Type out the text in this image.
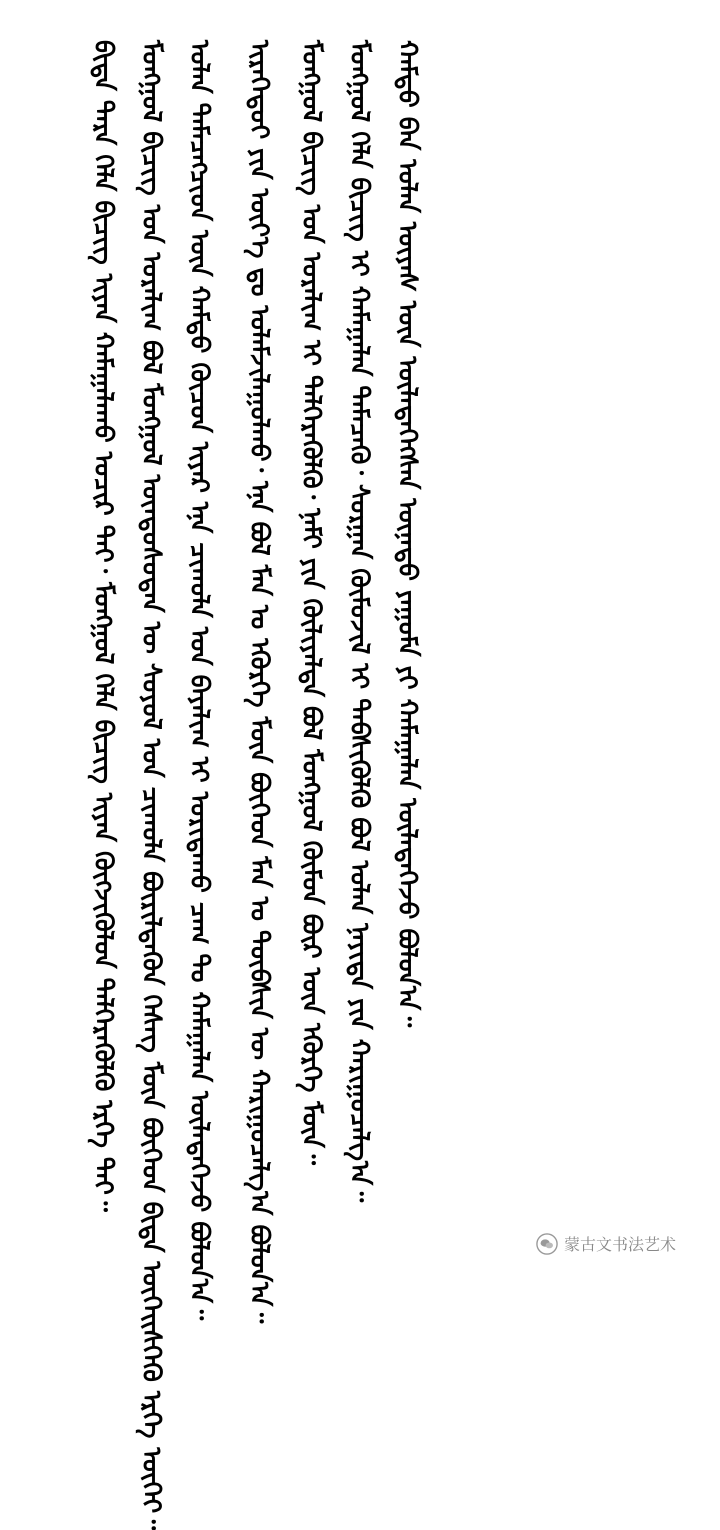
ᠪᠢᠳᠡ ᠲᠡᠷᠡ ᠬᠡᠯᠡ ᠪᠢᠴᠢᠭ ᠢᠶᠡᠨ ᠬᠠᠮᠠᠭᠠᠯᠠᠬᠤ ᠤᠴᠢᠷ ᠲᠠᠢ᠂ ᠮᠣᠩᠭᠣᠯ ᠬᠡᠯᠡ ᠪᠢᠴᠢᠭ ᠢᠶᠡᠨ ᠬᠦᠭᠵᠢᠭᠦᠯᠦᠨ ᠳᠡᠯᠭᠡᠷᠡᠭᠦᠯᠬᠦ ᠡᠷᠬᠡ ᠲᠠᠢ᠃ ᠮᠣᠩᠭᠣᠯ ᠪᠢᠴᠢᠭ ᠤᠨ ᠤᠷᠠᠯᠢᠭ ᠪᠣᠯ ᠮᠣᠩᠭᠣᠯ ᠦᠨᠳᠦᠰᠦᠲᠡᠨ ᠦ ᠰᠣᠶᠣᠯ ᠤᠨ ᠴᠢᠬᠤᠯᠠ ᠪᠦᠷᠢᠯᠳᠡᠬᠦᠨ ᠬᠡᠰᠡᠭ ᠮᠥᠨ ᠪᠥᠭᠡᠳ ᠪᠢᠳᠡ ᠦᠭᠡᠢᠰᠬᠡᠬᠦ ᠡᠷᠬᠡ ᠦᠭᠡᠢ᠃ ᠣᠯᠠᠨ ᠲᠡᠮᠡᠴᠡᠭᠴᠢᠳ ᠦᠨ ᠬᠠᠮᠲᠤ ᠬᠦᠴᠦᠨ ᠢᠶᠡᠷ ᠡᠨᠡ ᠴᠢᠬᠤᠯᠠ ᠡᠳ ᠪᠠᠶᠠᠯᠢᠭ ᠢ ᠤᠷᠢᠳᠠᠬᠤ ᠴᠠᠭ ᠲᠤ ᠬᠠᠮᠠᠭᠠᠯᠠᠨ ᠦᠯᠡᠳᠡᠭᠡᠵᠦ ᠪᠣᠯᠣᠨ᠎ᠠ᠃ ᠢᠷᠡᠭᠡᠳᠦᠢ ᠶᠢᠨ ᠦᠶ᠎ᠡ ᠳᠤ ᠤᠯᠠᠮᠵᠢᠯᠠᠭᠤᠯᠬᠤ᠂ ᠡᠨᠡ ᠪᠣᠯ ᠮᠠᠨ ᠤ ᠡᠭᠦᠷᠭᠡ ᠮᠥᠨ ᠪᠥᠭᠡᠳ ᠮᠠᠨ ᠤ ᠲᠦᠪᠰᠢᠨ ᠦ ᠬᠠᠷᠢᠭᠤᠴᠠᠯᠭ᠎ᠠ ᠪᠣᠯᠤᠨ᠎ᠠ᠃ ᠮᠣᠩᠭᠣᠯ ᠪᠢᠴᠢᠭ ᠤᠨ ᠤᠷᠠᠯᠢᠭ ᠢ ᠳᠡᠯᠭᠡᠷᠡᠭᠦᠯᠬᠦ᠂ ᠨᠠᠮᠢ ᠶᠢᠨ ᠬᠦᠯᠢᠶᠡᠯᠲᠡ ᠪᠣᠯ ᠮᠣᠩᠭᠣᠯ ᠬᠦᠮᠦᠨ ᠪᠦᠷ ᠦᠨ ᠡᠭᠦᠷᠭᠡ ᠮᠥᠨ᠃ ᠮᠣᠩᠭᠣᠯ ᠬᠡᠯᠡ ᠪᠢᠴᠢᠭ ᠢ ᠬᠠᠮᠠᠭᠠᠯᠠᠨ ᠲᠡᠮᠡᠴᠡᠬᠦ᠂ ᠰᠤᠷᠭᠠᠨ ᠬᠦᠮᠦᠵᠢᠯ ᠢ ᠳᠡᠪᠰᠢᠭᠦᠯᠬᠦ ᠪᠣᠯ ᠣᠯᠠᠨ ᠨᠡᠶᠢᠲᠡ ᠶᠢᠨ ᠬᠠᠷᠢᠭᠤᠴᠠᠯᠭ᠎ᠠ᠃ ᠬᠠᠮᠲᠤ ᠪᠠᠨ ᠣᠯᠠᠨ ᠦᠶᠡᠰ ᠦᠨ ᠦᠯᠡᠳᠡᠭᠡᠭᠰᠡᠨ ᠦᠨᠡᠲᠦ ᠶᠠᠭᠤᠮᠠ ᠶᠢ ᠬᠠᠮᠠᠭᠠᠯᠠᠨ ᠦᠯᠡᠳᠡᠭᠡᠵᠦ ᠪᠣᠯᠣᠨ᠎ᠠ᠃
蒙古文书法艺术
